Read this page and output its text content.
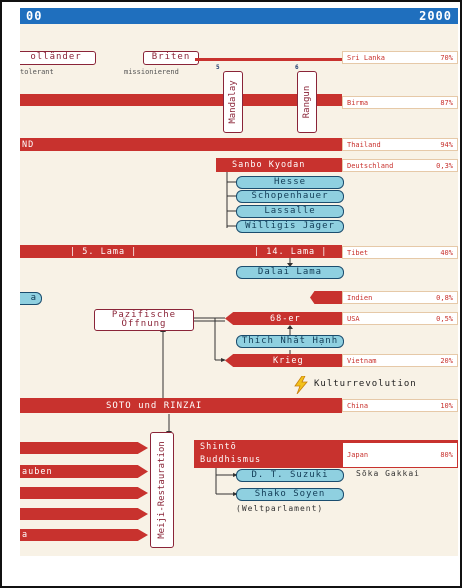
00	2000
olländer	Briten
tolerant	missionierend
Sri Lanka	70%
5	6
Mandalay	Rangun	Birma	87%
ND	Thailand	94%
Sanbo Kyodan	Deutschland	0,3%
Hesse
Schopenhauer
Lassalle
Willigis Jäger
| 5. Lama |	| 14. Lama |	Tibet	40%
Dalai Lama
a	Indien	0,8%
Pazifische
Öffnung	68-er	USA	0,5%
Thích Nhất Hạnh
Krieg	Vietnam	20%
Kulturrevolution
SOTO und RINZAI	China	10%
auben
a	Meiji-Restauration	Shintō
Buddhismus	Japan	80%
Sōka Gakkai
D. T. Suzuki
Shako Soyen
(Weltparlament)
